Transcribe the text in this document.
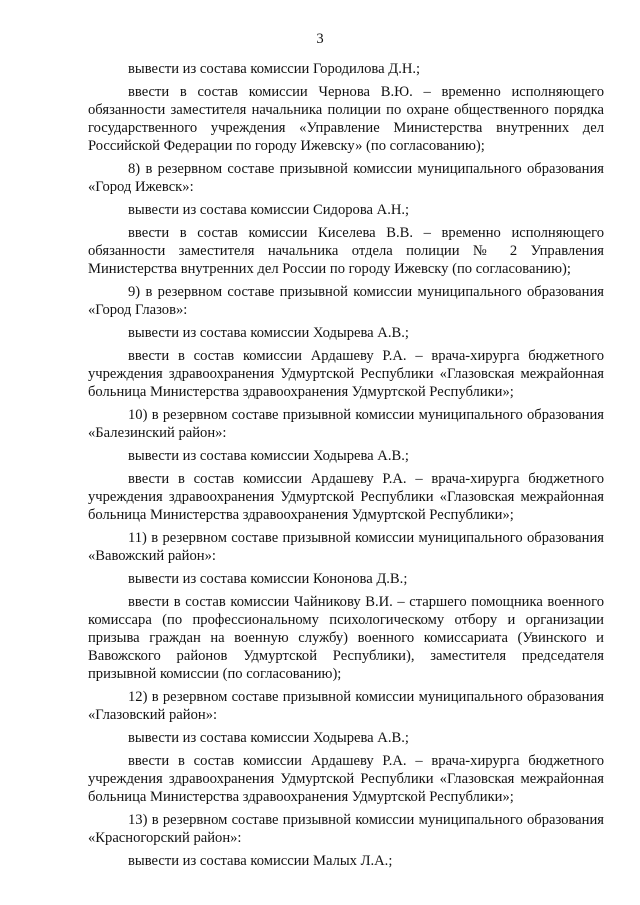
3

вывести из состава комиссии Городилова Д.Н.;

ввести в состав комиссии Чернова В.Ю. – временно исполняющего обязанности заместителя начальника полиции по охране общественного порядка государственного учреждения «Управление Министерства внутренних дел Российской Федерации по городу Ижевску» (по согласованию);

8) в резервном составе призывной комиссии муниципального образования «Город Ижевск»:

вывести из состава комиссии Сидорова А.Н.;

ввести в состав комиссии Киселева В.В. – временно исполняющего обязанности заместителя начальника отдела полиции № 2 Управления Министерства внутренних дел России по городу Ижевску (по согласованию);

9) в резервном составе призывной комиссии муниципального образования «Город Глазов»:

вывести из состава комиссии Ходырева А.В.;

ввести в состав комиссии Ардашеву Р.А. – врача-хирурга бюджетного учреждения здравоохранения Удмуртской Республики «Глазовская межрайонная больница Министерства здравоохранения Удмуртской Республики»;

10) в резервном составе призывной комиссии муниципального образования «Балезинский район»:

вывести из состава комиссии Ходырева А.В.;

ввести в состав комиссии Ардашеву Р.А. – врача-хирурга бюджетного учреждения здравоохранения Удмуртской Республики «Глазовская межрайонная больница Министерства здравоохранения Удмуртской Республики»;

11) в резервном составе призывной комиссии муниципального образования «Вавожский район»:

вывести из состава комиссии Кононова Д.В.;

ввести в состав комиссии Чайникову В.И. – старшего помощника военного комиссара (по профессиональному психологическому отбору и организации призыва граждан на военную службу) военного комиссариата (Увинского и Вавожского районов Удмуртской Республики), заместителя председателя призывной комиссии (по согласованию);

12) в резервном составе призывной комиссии муниципального образования «Глазовский район»:

вывести из состава комиссии Ходырева А.В.;

ввести в состав комиссии Ардашеву Р.А. – врача-хирурга бюджетного учреждения здравоохранения Удмуртской Республики «Глазовская межрайонная больница Министерства здравоохранения Удмуртской Республики»;

13) в резервном составе призывной комиссии муниципального образования «Красногорский район»:

вывести из состава комиссии Малых Л.А.;
